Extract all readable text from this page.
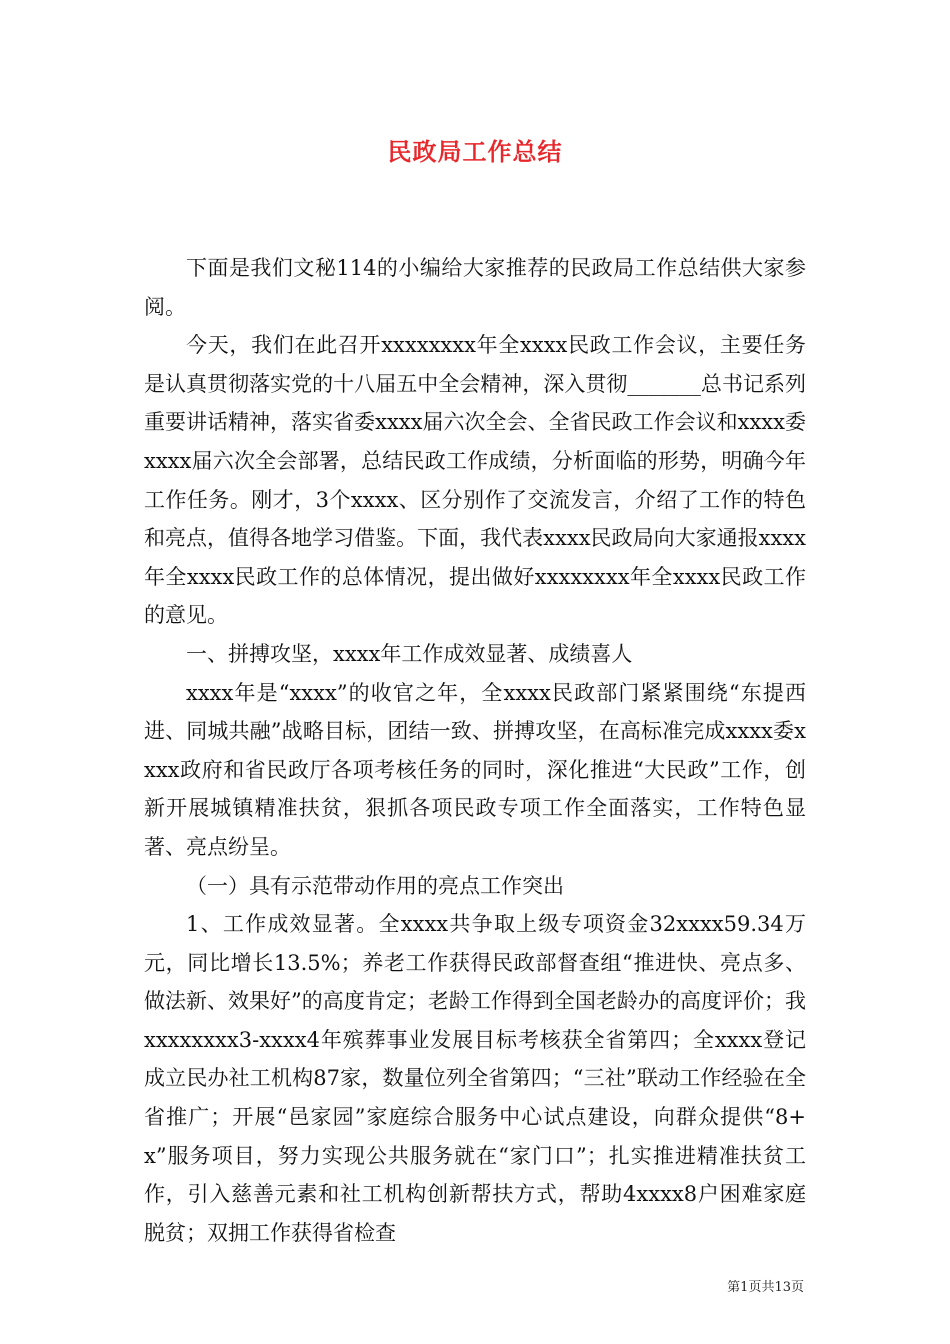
民政局工作总结

下面是我们文秘114的小编给大家推荐的民政局工作总结供大家参阅。

今天，我们在此召开xxxxxxxx年全xxxx民政工作会议，主要任务是认真贯彻落实党的十八届五中全会精神，深入贯彻_______总书记系列重要讲话精神，落实省委xxxx届六次全会、全省民政工作会议和xxxx委xxxx届六次全会部署，总结民政工作成绩，分析面临的形势，明确今年工作任务。刚才，3个xxxx、区分别作了交流发言，介绍了工作的特色和亮点，值得各地学习借鉴。下面，我代表xxxx民政局向大家通报xxxx年全xxxx民政工作的总体情况，提出做好xxxxxxxx年全xxxx民政工作的意见。

一、拼搏攻坚，xxxx年工作成效显著、成绩喜人

xxxx年是“xxxx”的收官之年，全xxxx民政部门紧紧围绕“东提西进、同城共融”战略目标，团结一致、拼搏攻坚，在高标准完成xxxx委xxxx政府和省民政厅各项考核任务的同时，深化推进“大民政”工作，创新开展城镇精准扶贫，狠抓各项民政专项工作全面落实，工作特色显著、亮点纷呈。

（一）具有示范带动作用的亮点工作突出

1、工作成效显著。全xxxx共争取上级专项资金32xxxx59.34万元，同比增长13.5%；养老工作获得民政部督查组“推进快、亮点多、做法新、效果好”的高度肯定；老龄工作得到全国老龄办的高度评价；我xxxxxxxx3-xxxx4年殡葬事业发展目标考核获全省第四；全xxxx登记成立民办社工机构87家，数量位列全省第四；“三社”联动工作经验在全省推广；开展“邑家园”家庭综合服务中心试点建设，向群众提供“8+x”服务项目，努力实现公共服务就在“家门口”；扎实推进精准扶贫工作，引入慈善元素和社工机构创新帮扶方式，帮助4xxxx8户困难家庭脱贫；双拥工作获得省检查

第1页共13页
